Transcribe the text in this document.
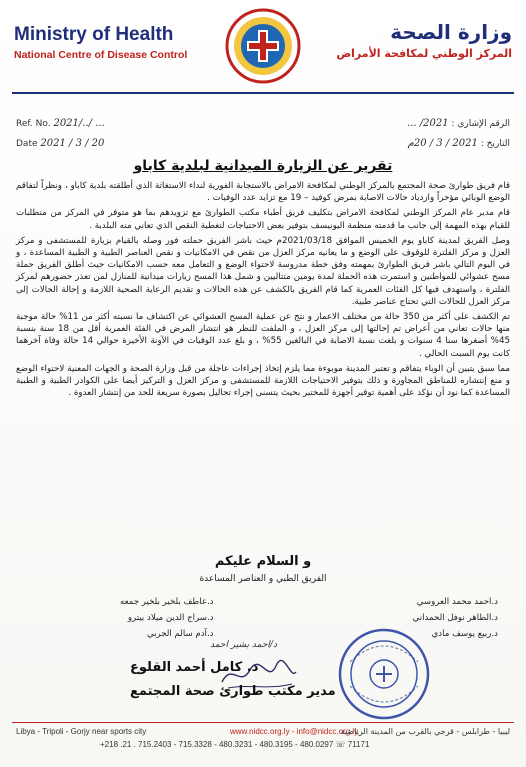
Ministry of Health
National Centre of Disease Control
وزارة الصحة
المركز الوطني لمكافحة الأمراض
Ref. No. 2021/../ ...
Date 2021 / 3 / 20
الرقم الإشاري : 2021/ ...
التاريخ : 2021 / 3 / 20م
تقرير عن الزيارة الميدانية لبلدية كاباو

قام فريق طوارئ صحة المجتمع بالمركز الوطني لمكافحة الامراض بالاستجابة الفورية لنداء الاستغاثة الذي أطلقته بلدية كاباو ، ونظراً لتفاقم الوضع الوبائي مؤخراً وازدياد حالات الاصابة بمرض كوفيد – 19 مع تزايد عدد الوفيات .

قام مدير عام المركز الوطني لمكافحة الامراض بتكليف فريق أطباء مكتب الطوارئ مع تزويدهم بما هو متوفر في المركز من متطلبات للقيام بهذه المهمة إلى جانب ما قدمته منظمة اليونيسف بتوفير بعض الاحتياجات لتغطية النقص الذي تعاني منه البلدية .

وصل الفريق لمدينة كاباو يوم الخميس الموافق 2021/03/18م حيث باشر الفريق حملته فور وصله بالقيام بزيارة للمستشفى و مركز العزل و مركز الفلترة للوقوف على الوضع و ما يعانيه مركز العزل من نقص في الامكانيات و نقص العناصر الطبية و الطبية المساعدة ، و في اليوم التالي باشر فريق الطوارئ بمهمته وفق خطة مدروسة لاحتواء الوضع و التعامل معه حسب الامكانيات حيث أطلق الفريق حملة مسح عشوائي للمواطنين و استمرت هذه الحملة لمدة يومين متتاليين و شمل هذا المسح زيارات ميدانية للمنازل لمن تعذر حضورهم لمركز الفلترة ، واستهدف فيها كل الفئات العمرية كما قام الفريق بالكشف عن هذه الحالات و تقديم الرعاية الصحية اللازمة و إحالة الحالات إلى مركز العزل للحالات التي تحتاج عناصر طبية.

تم الكشف على أكثر من 350 حالة من مختلف الاعمار و نتج عن عملية المسح العشوائي عن اكتشاف ما نسبته أكثر من 11% حالة موجبة منها حالات تعاني من أعراض تم إحالتها إلى مركز العزل ، و الملفت للنظر هو انتشار المرض في الفئة العمرية أقل من 18 سنة بنسبة 45% أصغرها سنا 4 سنوات و بلغت نسبة الاصابة في البالغين 55% ، و بلغ عدد الوفيات في الآونة الأخيرة حوالي 14 حالة وفاة آخرهما كانت يوم السبت الحالي .

مما سبق يتبين أن الوباء يتفاقم و تعتبر المدينة موبوءة مما يلزم إتخاذ إجراءات عاجلة من قبل وزارة الصحة و الجهات المعنية لاحتواء الوضع و منع إنتشاره للمناطق المجاورة و ذلك بتوفير الاحتياجات اللازمة للمستشفى و مركز العزل و التركيز أيضا على الكوادر الطبية و الطبية المساعدة كما نود أن نؤكد على أهمية توفير أجهزة للمختبر بحيث يتسنى إجراء تحاليل بصورة سريعة للحد من إنتشار العدوة .

و السلام عليكم
الفريق الطبي و العناصر المساعدة
د.احمد محمد العروسي
د.الطاهر نوفل الحمداني
د.ربيع يوسف مادي
د.عاطف بلخير بلخير جمعه
د.سراج الدين ميلاد بيترو
د.آدم سالم الجربي
د/احمد بشير احمد
د. كامل أحمد القلوع
مدير مكتب طوارئ صحة المجتمع
Libya - Tripoli - Gorjy near sports city	www.nidcc.org.ly - info@nidcc.org.ly
ليبيا - طرابلس - قرجي بالقرب من المدينة الرياضية
+218 .21 . 715.2403 - 715.3328 - 480.3231 - 480.3195 - 480.0297 ☏ 71171
